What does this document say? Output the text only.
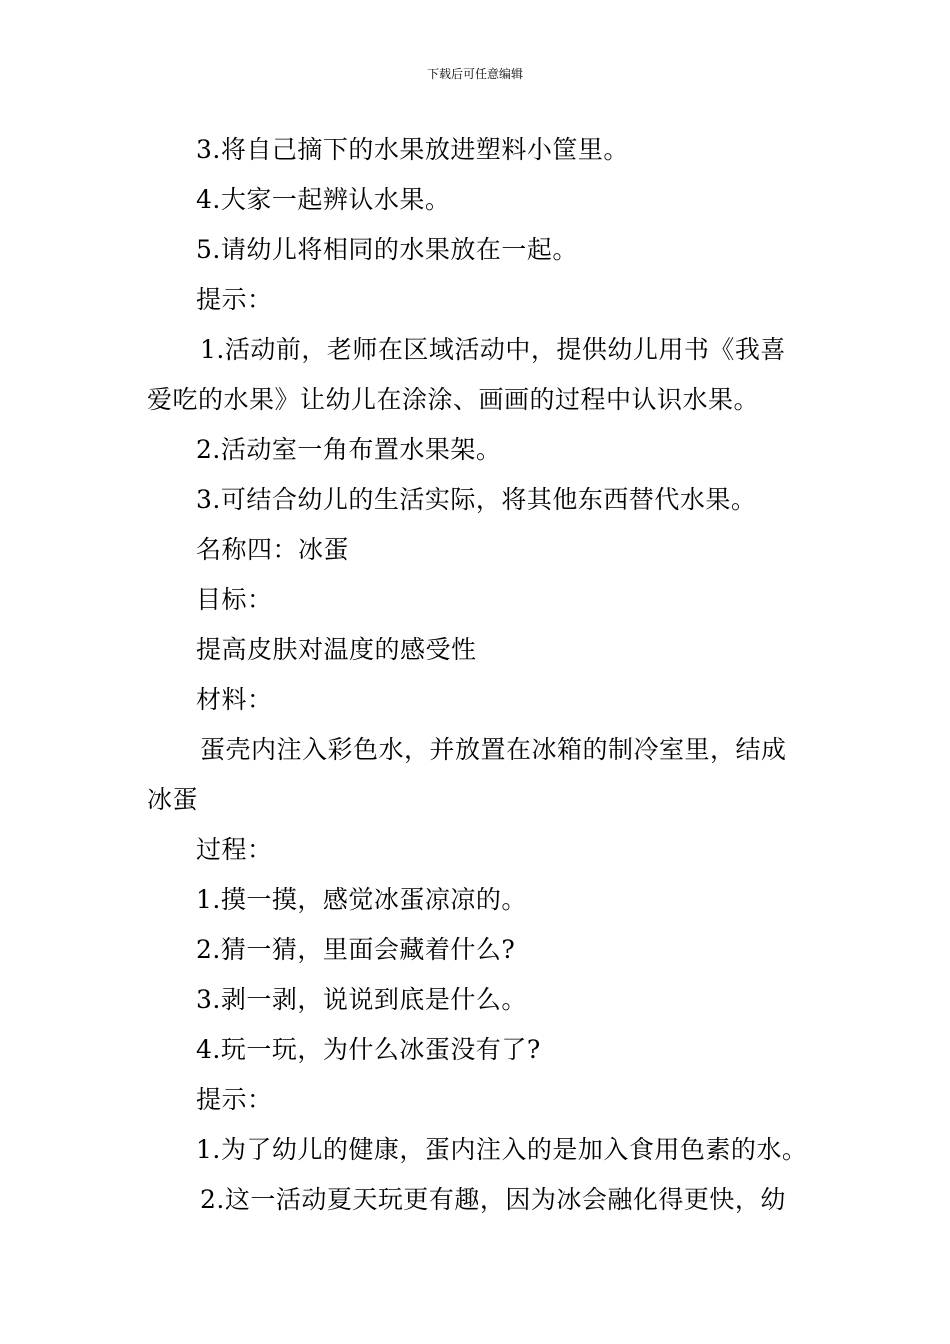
下载后可任意编辑
3.将自己摘下的水果放进塑料小筐里。
4.大家一起辨认水果。
5.请幼儿将相同的水果放在一起。
提示：
1.活动前，老师在区域活动中，提供幼儿用书《我喜
爱吃的水果》让幼儿在涂涂、画画的过程中认识水果。
2.活动室一角布置水果架。
3.可结合幼儿的生活实际，将其他东西替代水果。
名称四：冰蛋
目标：
提高皮肤对温度的感受性
材料：
蛋壳内注入彩色水，并放置在冰箱的制冷室里，结成
冰蛋
过程：
1.摸一摸，感觉冰蛋凉凉的。
2.猜一猜，里面会藏着什么?
3.剥一剥，说说到底是什么。
4.玩一玩，为什么冰蛋没有了?
提示：
1.为了幼儿的健康，蛋内注入的是加入食用色素的水。
2.这一活动夏天玩更有趣，因为冰会融化得更快，幼
